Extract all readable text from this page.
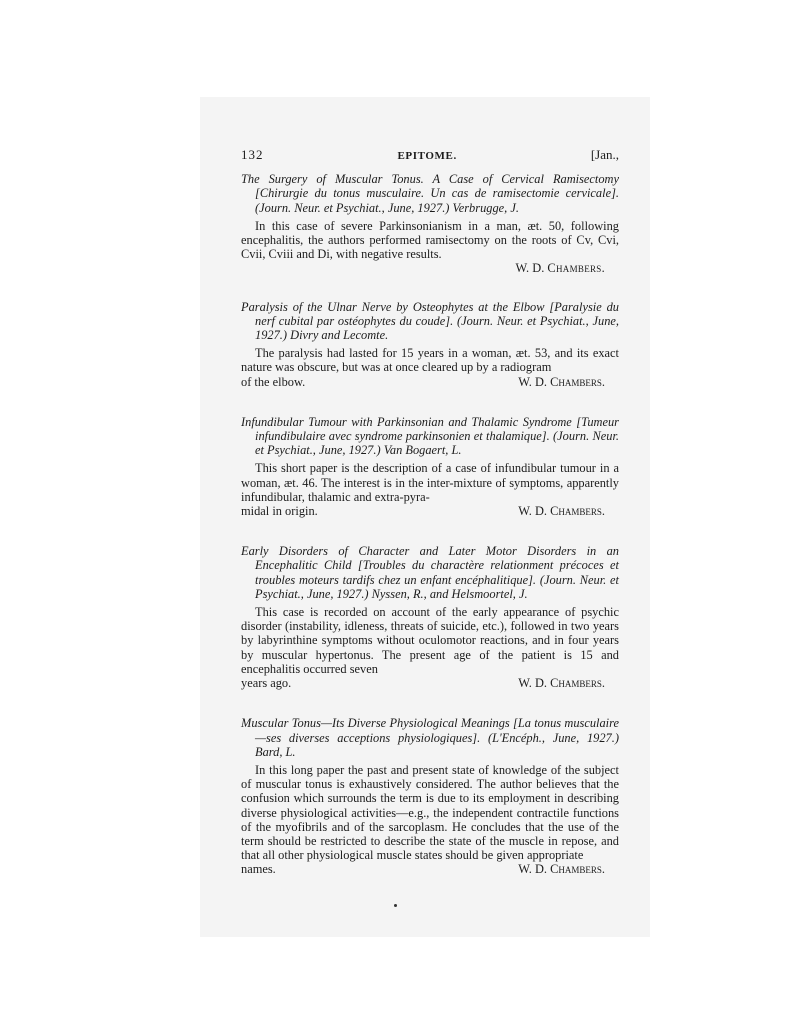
132	EPITOME.	[Jan.,

The Surgery of Muscular Tonus. A Case of Cervical Ramisectomy [Chirurgie du tonus musculaire. Un cas de ramisectomie cervicale]. (Journ. Neur. et Psychiat., June, 1927.) Verbrugge, J.

In this case of severe Parkinsonianism in a man, æt. 50, following encephalitis, the authors performed ramisectomy on the roots of Cv, Cvi, Cvii, Cviii and Di, with negative results.

W. D. Chambers.

Paralysis of the Ulnar Nerve by Osteophytes at the Elbow [Paralysie du nerf cubital par ostéophytes du coude]. (Journ. Neur. et Psychiat., June, 1927.) Divry and Lecomte.

The paralysis had lasted for 15 years in a woman, æt. 53, and its exact nature was obscure, but was at once cleared up by a radiogram

of the elbow.	W. D. Chambers.

Infundibular Tumour with Parkinsonian and Thalamic Syndrome [Tumeur infundibulaire avec syndrome parkinsonien et thalamique]. (Journ. Neur. et Psychiat., June, 1927.) Van Bogaert, L.

This short paper is the description of a case of infundibular tumour in a woman, æt. 46. The interest is in the inter-mixture of symptoms, apparently infundibular, thalamic and extra-pyra-

midal in origin.	W. D. Chambers.

Early Disorders of Character and Later Motor Disorders in an Encephalitic Child [Troubles du charactère relationment précoces et troubles moteurs tardifs chez un enfant encéphalitique]. (Journ. Neur. et Psychiat., June, 1927.) Nyssen, R., and Helsmoortel, J.

This case is recorded on account of the early appearance of psychic disorder (instability, idleness, threats of suicide, etc.), followed in two years by labyrinthine symptoms without oculomotor reactions, and in four years by muscular hypertonus. The present age of the patient is 15 and encephalitis occurred seven

years ago.	W. D. Chambers.

Muscular Tonus—Its Diverse Physiological Meanings [La tonus musculaire—ses diverses acceptions physiologiques]. (L'Encéph., June, 1927.) Bard, L.

In this long paper the past and present state of knowledge of the subject of muscular tonus is exhaustively considered. The author believes that the confusion which surrounds the term is due to its employment in describing diverse physiological activities—e.g., the independent contractile functions of the myofibrils and of the sarcoplasm. He concludes that the use of the term should be restricted to describe the state of the muscle in repose, and that all other physiological muscle states should be given appropriate

names.	W. D. Chambers.
